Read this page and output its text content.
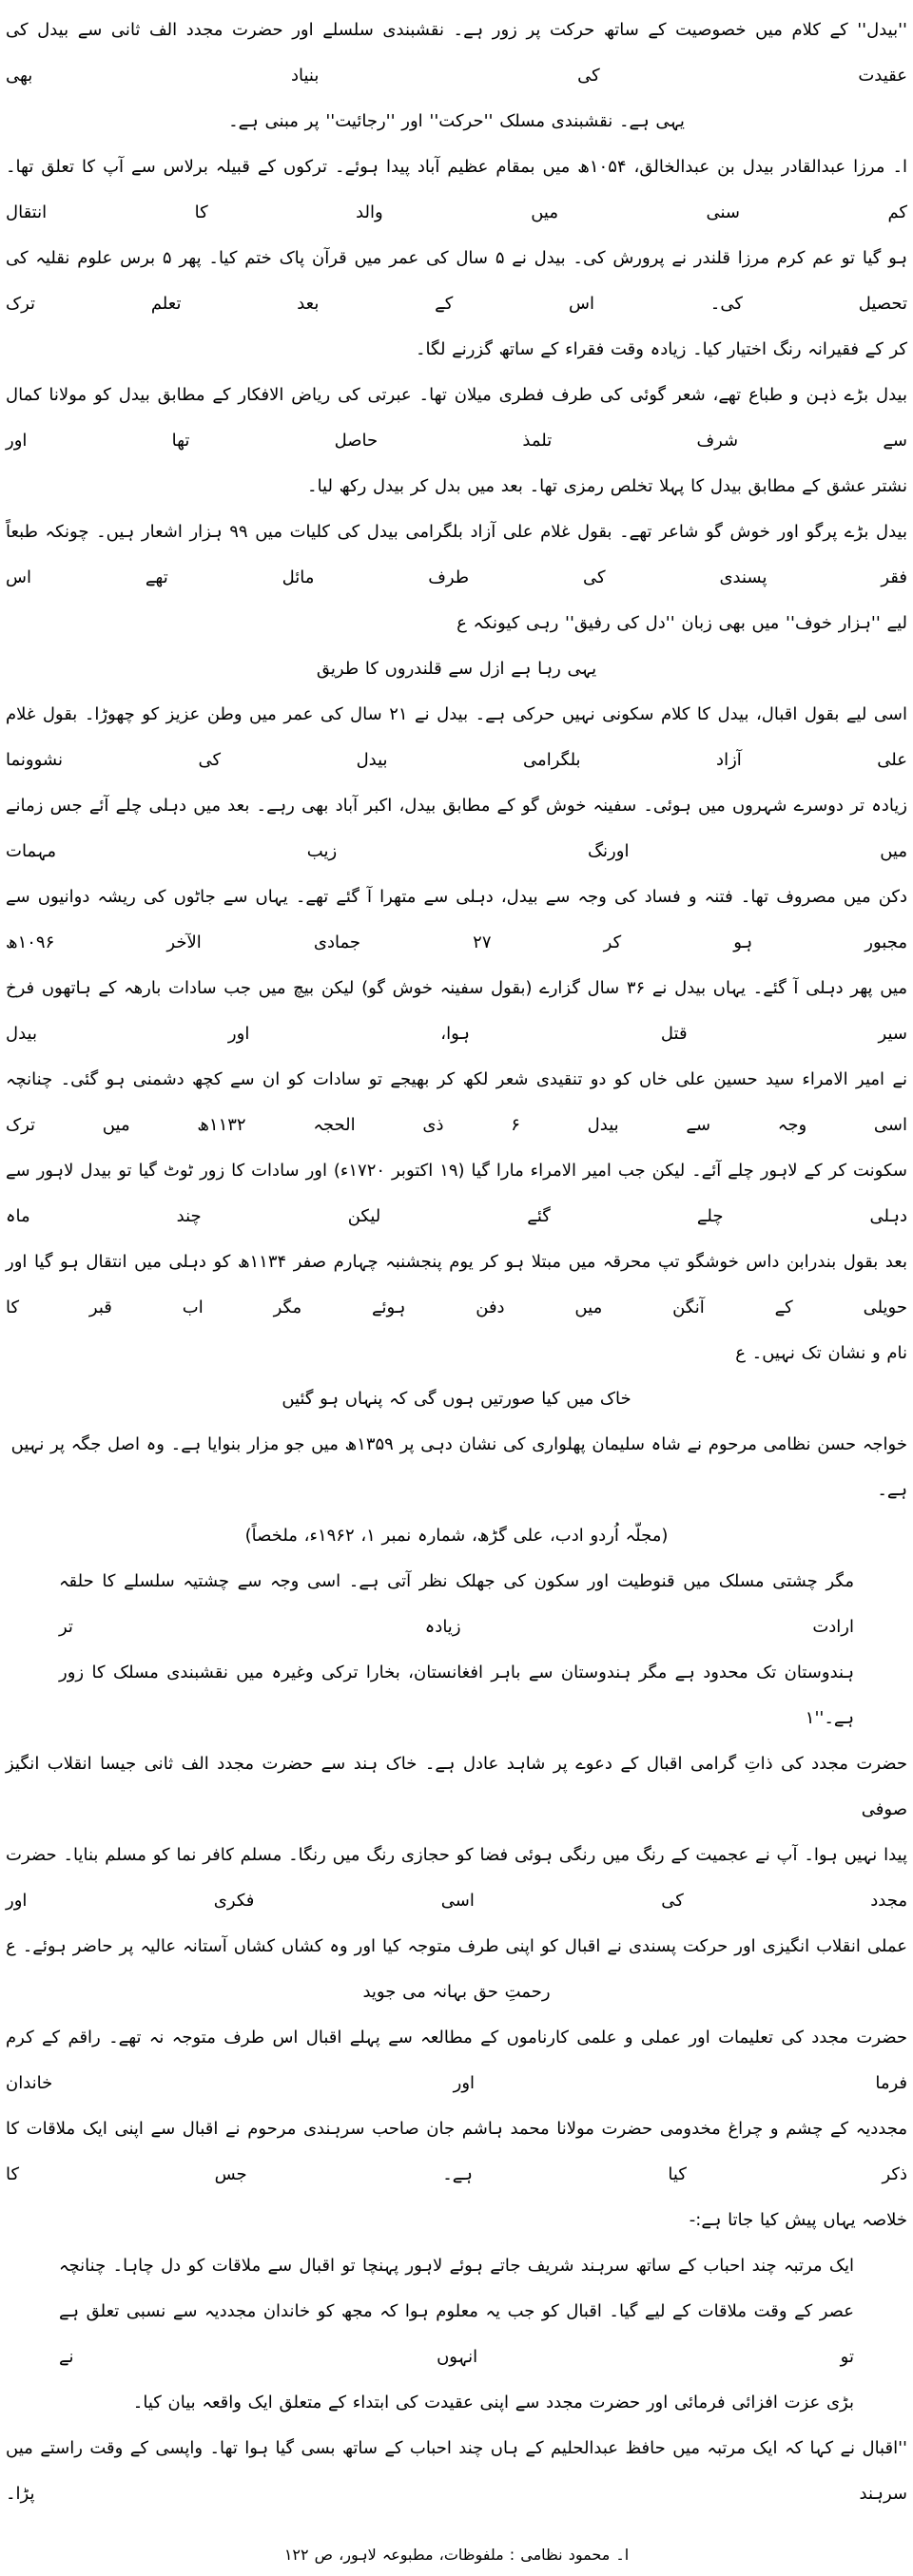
''بیدل'' کے کلام میں خصوصیت کے ساتھ حرکت پر زور ہے۔ نقشبندی سلسلے اور حضرت مجدد الف ثانی سے بیدل کی عقیدت کی بنیاد بھی
یہی ہے۔ نقشبندی مسلک ''حرکت'' اور ''رجائیت'' پر مبنی ہے۔
ا۔ مرزا عبدالقادر بیدل بن عبدالخالق، ۱۰۵۴ھ میں بمقام عظیم آباد پیدا ہوئے۔ ترکوں کے قبیلہ برلاس سے آپ کا تعلق تھا۔ کم سنی میں والد کا انتقال
ہو گیا تو عم کرم مرزا قلندر نے پرورش کی۔ بیدل نے ۵ سال کی عمر میں قرآن پاک ختم کیا۔ پھر ۵ برس علوم نقلیہ کی تحصیل کی۔ اس کے بعد تعلم ترک
کر کے فقیرانہ رنگ اختیار کیا۔ زیادہ وقت فقراء کے ساتھ گزرنے لگا۔
بیدل بڑے ذہن و طباع تھے، شعر گوئی کی طرف فطری میلان تھا۔ عبرتی کی ریاض الافکار کے مطابق بیدل کو مولانا کمال سے شرف تلمذ حاصل تھا اور
نشتر عشق کے مطابق بیدل کا پہلا تخلص رمزی تھا۔ بعد میں بدل کر بیدل رکھ لیا۔
بیدل بڑے پرگو اور خوش گو شاعر تھے۔ بقول غلام علی آزاد بلگرامی بیدل کی کلیات میں ۹۹ ہزار اشعار ہیں۔ چونکہ طبعاً فقر پسندی کی طرف مائل تھے اس
لیے ''ہزار خوف'' میں بھی زبان ''دل کی رفیق'' رہی کیونکہ ع
یہی رہا ہے ازل سے قلندروں کا طریق
اسی لیے بقول اقبال، بیدل کا کلام سکونی نہیں حرکی ہے۔ بیدل نے ۲۱ سال کی عمر میں وطن عزیز کو چھوڑا۔ بقول غلام علی آزاد بلگرامی بیدل کی نشوونما
زیادہ تر دوسرے شہروں میں ہوئی۔ سفینہ خوش گو کے مطابق بیدل، اکبر آباد بھی رہے۔ بعد میں دہلی چلے آئے جس زمانے میں اورنگ زیب مہمات
دکن میں مصروف تھا۔ فتنہ و فساد کی وجہ سے بیدل، دہلی سے متھرا آ گئے تھے۔ یہاں سے جاٹوں کی ریشہ دوانیوں سے مجبور ہو کر ۲۷ جمادی الآخر ۱۰۹۶ھ
میں پھر دہلی آ گئے۔ یہاں بیدل نے ۳۶ سال گزارے (بقول سفینہ خوش گو) لیکن بیچ میں جب سادات بارھہ کے ہاتھوں فرخ سیر قتل ہوا، اور بیدل
نے امیر الامراء سید حسین علی خاں کو دو تنقیدی شعر لکھ کر بھیجے تو سادات کو ان سے کچھ دشمنی ہو گئی۔ چنانچہ اسی وجہ سے بیدل ۶ ذی الحجہ ۱۱۳۲ھ میں ترک
سکونت کر کے لاہور چلے آئے۔ لیکن جب امیر الامراء مارا گیا (۱۹ اکتوبر ۱۷۲۰ء) اور سادات کا زور ٹوٹ گیا تو بیدل لاہور سے دہلی چلے گئے لیکن چند ماہ
بعد بقول بندرابن داس خوشگو تپ محرقہ میں مبتلا ہو کر یوم پنجشنبہ چہارم صفر ۱۱۳۴ھ کو دہلی میں انتقال ہو گیا اور حویلی کے آنگن میں دفن ہوئے مگر اب قبر کا
نام و نشان تک نہیں۔ ع
خاک میں کیا صورتیں ہوں گی کہ پنہاں ہو گئیں
خواجہ حسن نظامی مرحوم نے شاہ سلیمان پھلواری کی نشان دہی پر ۱۳۵۹ھ میں جو مزار بنوایا ہے۔ وہ اصل جگہ پر نہیں ہے۔
(مجلّہ اُردو ادب، علی گڑھ، شمارہ نمبر ۱، ۱۹۶۲ء، ملخصاً)
مگر چشتی مسلک میں قنوطیت اور سکون کی جھلک نظر آتی ہے۔ اسی وجہ سے چشتیہ سلسلے کا حلقہ ارادت زیادہ تر
ہندوستان تک محدود ہے مگر ہندوستان سے باہر افغانستان، بخارا ترکی وغیرہ میں نقشبندی مسلک کا زور ہے۔''۱
حضرت مجدد کی ذاتِ گرامی اقبال کے دعوے پر شاہد عادل ہے۔ خاک ہند سے حضرت مجدد الف ثانی جیسا انقلاب انگیز صوفی
پیدا نہیں ہوا۔ آپ نے عجمیت کے رنگ میں رنگی ہوئی فضا کو حجازی رنگ میں رنگا۔ مسلم کافر نما کو مسلم بنایا۔ حضرت مجدد کی اسی فکری اور
عملی انقلاب انگیزی اور حرکت پسندی نے اقبال کو اپنی طرف متوجہ کیا اور وہ کشاں کشاں آستانہ عالیہ پر حاضر ہوئے۔ ع
رحمتِ حق بہانہ می جوید
حضرت مجدد کی تعلیمات اور عملی و علمی کارناموں کے مطالعہ سے پہلے اقبال اس طرف متوجہ نہ تھے۔ راقم کے کرم فرما اور خاندان
مجددیہ کے چشم و چراغ مخدومی حضرت مولانا محمد ہاشم جان صاحب سرہندی مرحوم نے اقبال سے اپنی ایک ملاقات کا ذکر کیا ہے۔ جس کا
خلاصہ یہاں پیش کیا جاتا ہے:-
ایک مرتبہ چند احباب کے ساتھ سرہند شریف جاتے ہوئے لاہور پہنچا تو اقبال سے ملاقات کو دل چاہا۔ چنانچہ
عصر کے وقت ملاقات کے لیے گیا۔ اقبال کو جب یہ معلوم ہوا کہ مجھ کو خاندان مجددیہ سے نسبی تعلق ہے تو انہوں نے
بڑی عزت افزائی فرمائی اور حضرت مجدد سے اپنی عقیدت کی ابتداء کے متعلق ایک واقعہ بیان کیا۔
''اقبال نے کہا کہ ایک مرتبہ میں حافظ عبدالحلیم کے ہاں چند احباب کے ساتھ بسی گیا ہوا تھا۔ واپسی کے وقت راستے میں سرہند پڑا۔
ا۔ محمود نظامی : ملفوظات، مطبوعہ لاہور، ص ۱۲۲
